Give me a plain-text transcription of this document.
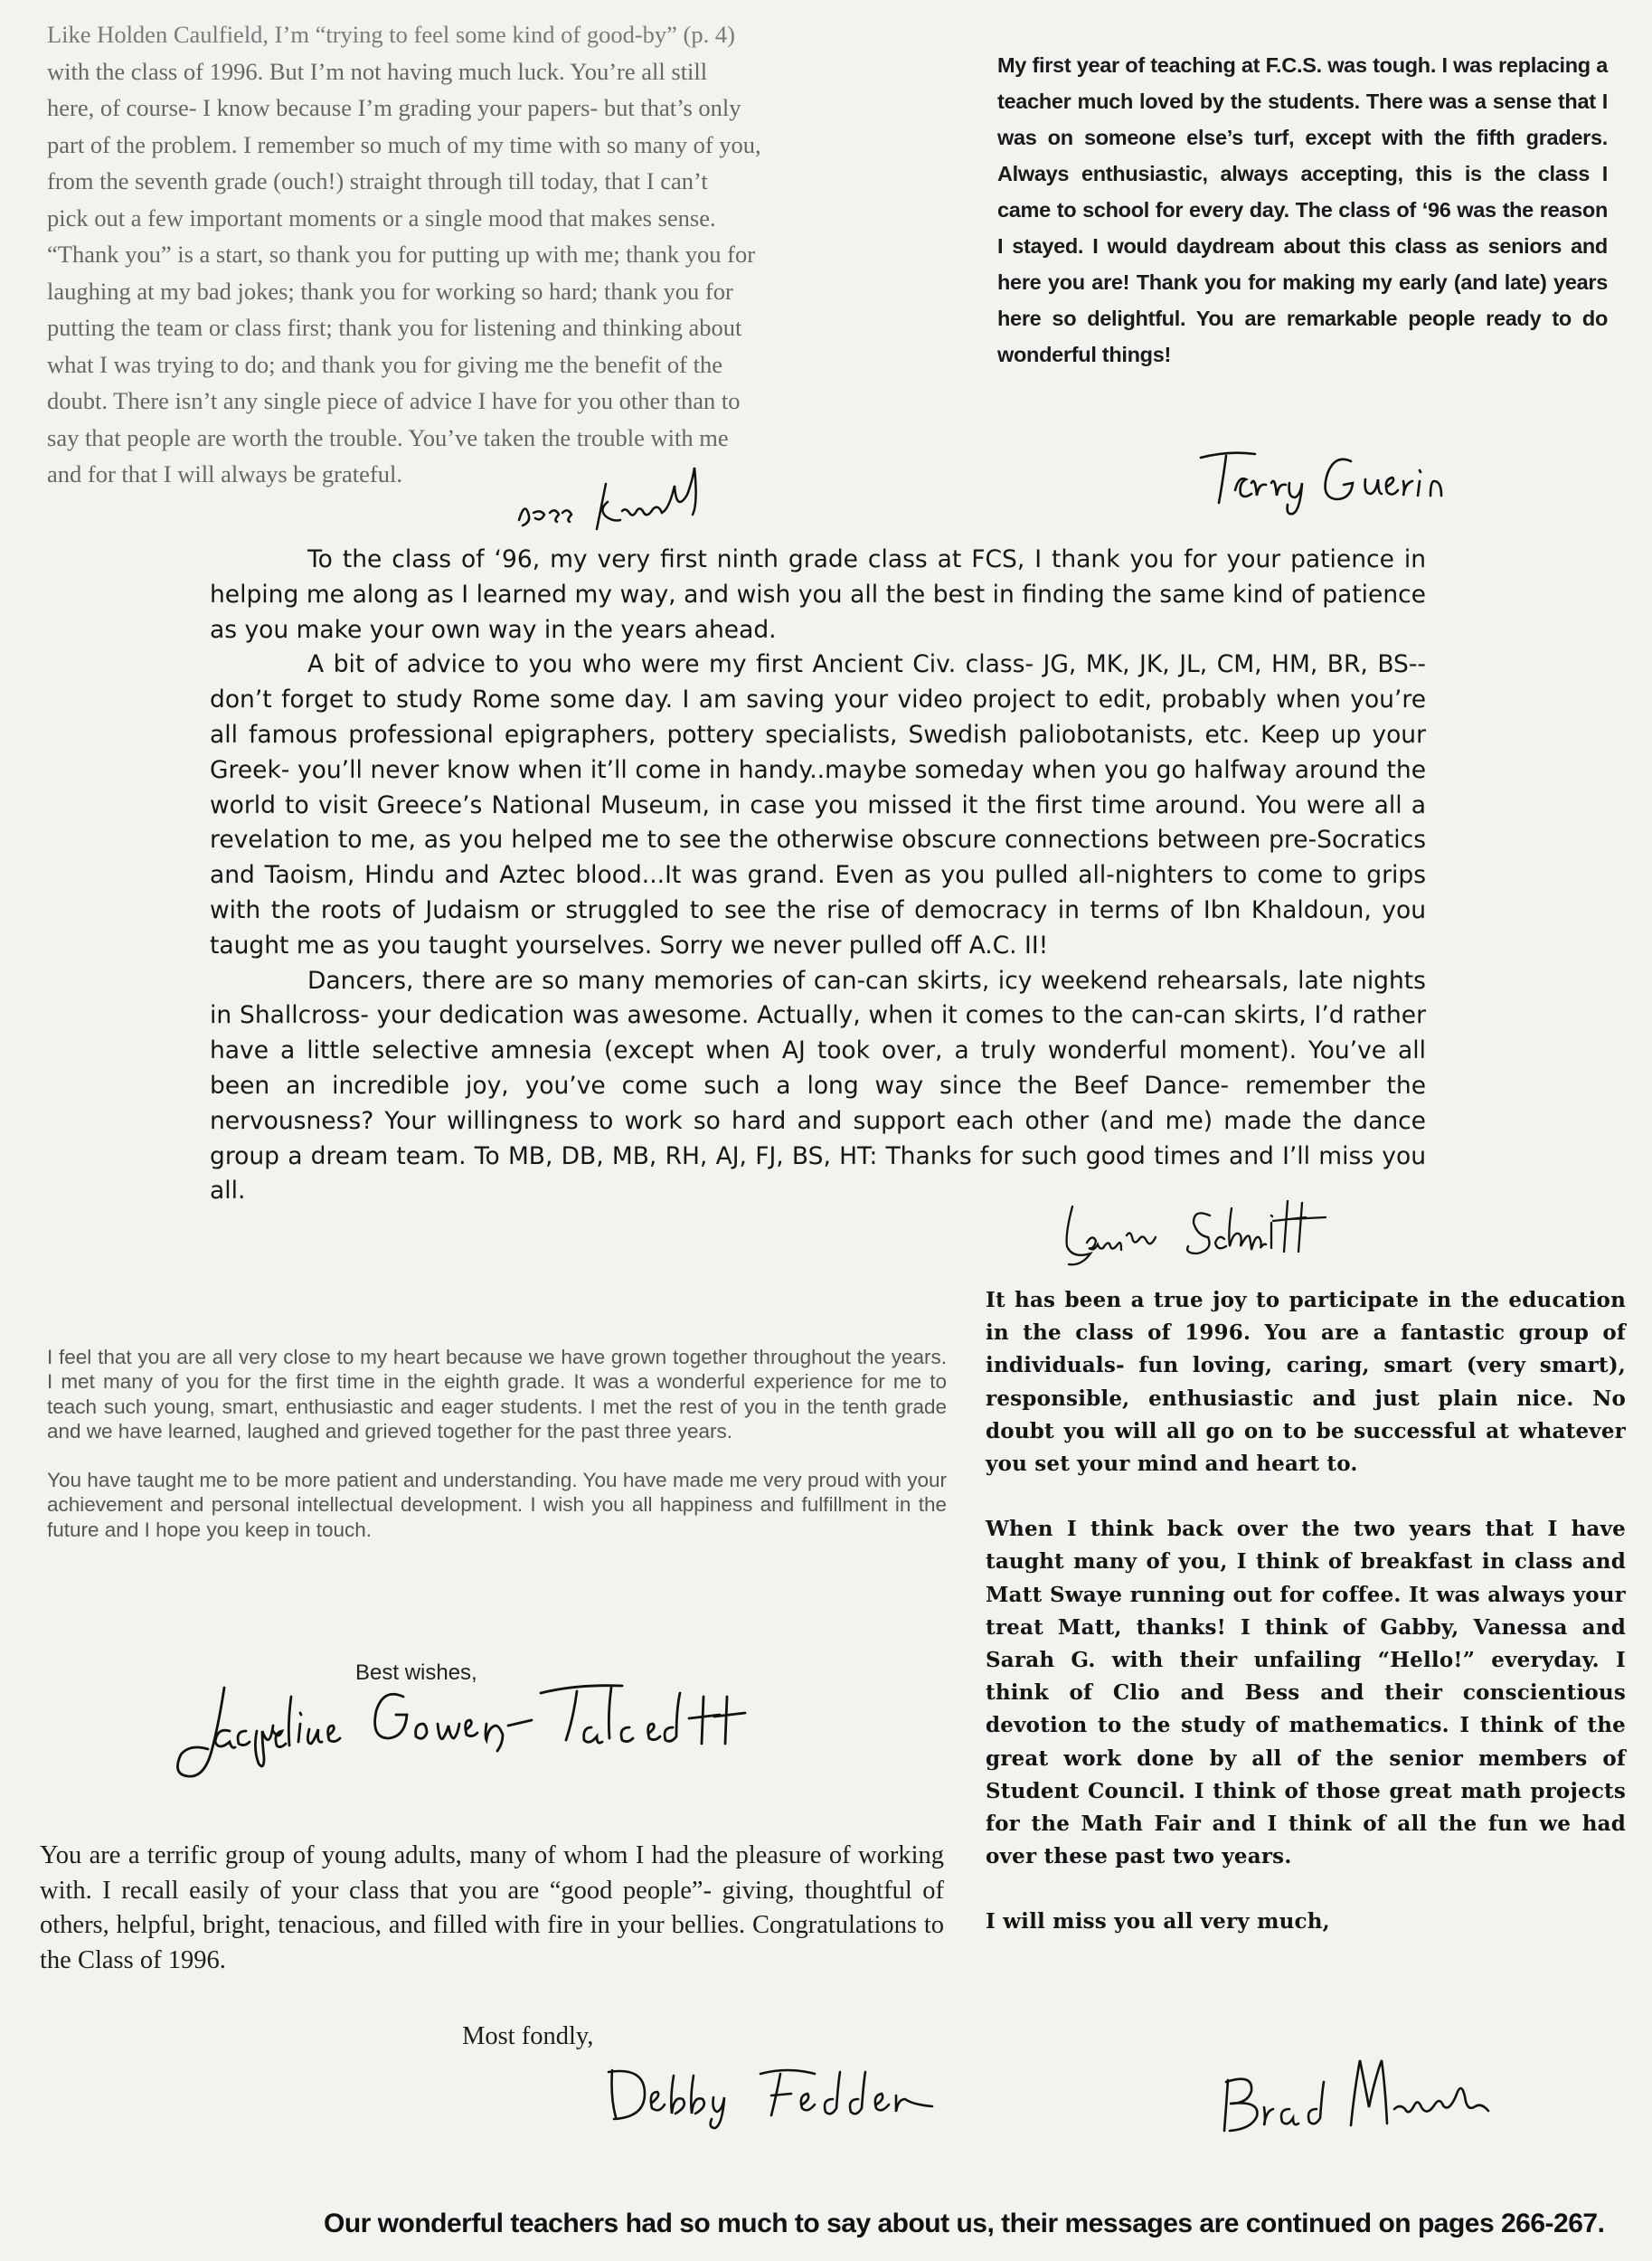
Like Holden Caulfield, I’m “trying to feel some kind of good-by” (p. 4)
with the class of 1996. But I’m not having much luck. You’re all still
here, of course- I know because I’m grading your papers- but that’s only
part of the problem. I remember so much of my time with so many of you,
from the seventh grade (ouch!) straight through till today, that I can’t
pick out a few important moments or a single mood that makes sense.
“Thank you” is a start, so thank you for putting up with me; thank you for
laughing at my bad jokes; thank you for working so hard; thank you for
putting the team or class first; thank you for listening and thinking about
what I was trying to do; and thank you for giving me the benefit of the
doubt. There isn’t any single piece of advice I have for you other than to
say that people are worth the trouble. You’ve taken the trouble with me
and for that I will always be grateful.

My first year of teaching at F.C.S. was tough. I was replacing a teacher much loved by the students. There was a sense that I was on someone else’s turf, except with the fifth graders. Always enthusiastic, always accepting, this is the class I came to school for every day. The class of ‘96 was the reason I stayed. I would daydream about this class as seniors and here you are! Thank you for making my early (and late) years here so delightful. You are remarkable people ready to do wonderful things!

To the class of ‘96, my very first ninth grade class at FCS, I thank you for your patience in helping me along as I learned my way, and wish you all the best in finding the same kind of patience as you make your own way in the years ahead.

A bit of advice to you who were my first Ancient Civ. class- JG, MK, JK, JL, CM, HM, BR, BS--don’t forget to study Rome some day. I am saving your video project to edit, probably when you’re all famous professional epigraphers, pottery specialists, Swedish paliobotanists, etc. Keep up your Greek- you’ll never know when it’ll come in handy..maybe someday when you go halfway around the world to visit Greece’s National Museum, in case you missed it the first time around. You were all a revelation to me, as you helped me to see the otherwise obscure connections between pre-Socratics and Taoism, Hindu and Aztec blood...It was grand. Even as you pulled all-nighters to come to grips with the roots of Judaism or struggled to see the rise of democracy in terms of Ibn Khaldoun, you taught me as you taught yourselves. Sorry we never pulled off A.C. II!

Dancers, there are so many memories of can-can skirts, icy weekend rehearsals, late nights in Shallcross- your dedication was awesome. Actually, when it comes to the can-can skirts, I’d rather have a little selective amnesia (except when AJ took over, a truly wonderful moment). You’ve all been an incredible joy, you’ve come such a long way since the Beef Dance- remember the nervousness? Your willingness to work so hard and support each other (and me) made the dance group a dream team. To MB, DB, MB, RH, AJ, FJ, BS, HT: Thanks for such good times and I’ll miss you all.

I feel that you are all very close to my heart because we have grown together throughout the years. I met many of you for the first time in the eighth grade. It was a wonderful experience for me to teach such young, smart, enthusiastic and eager students. I met the rest of you in the tenth grade and we have learned, laughed and grieved together for the past three years.

You have taught me to be more patient and understanding. You have made me very proud with your achievement and personal intellectual development. I wish you all happiness and fulfillment in the future and I hope you keep in touch.

Best wishes,

You are a terrific group of young adults, many of whom I had the pleasure of working with. I recall easily of your class that you are “good people”- giving, thoughtful of others, helpful, bright, tenacious, and filled with fire in your bellies. Congratulations to the Class of 1996.

Most fondly,

It has been a true joy to participate in the education in the class of 1996. You are a fantastic group of individuals- fun loving, caring, smart (very smart), responsible, enthusiastic and just plain nice. No doubt you will all go on to be successful at whatever you set your mind and heart to.

When I think back over the two years that I have taught many of you, I think of breakfast in class and Matt Swaye running out for coffee. It was always your treat Matt, thanks! I think of Gabby, Vanessa and Sarah G. with their unfailing “Hello!” everyday. I think of Clio and Bess and their conscientious devotion to the study of mathematics. I think of the great work done by all of the senior members of Student Council. I think of those great math projects for the Math Fair and I think of all the fun we had over these past two years.

I will miss you all very much,

Our wonderful teachers had so much to say about us, their messages are continued on pages 266-267.
